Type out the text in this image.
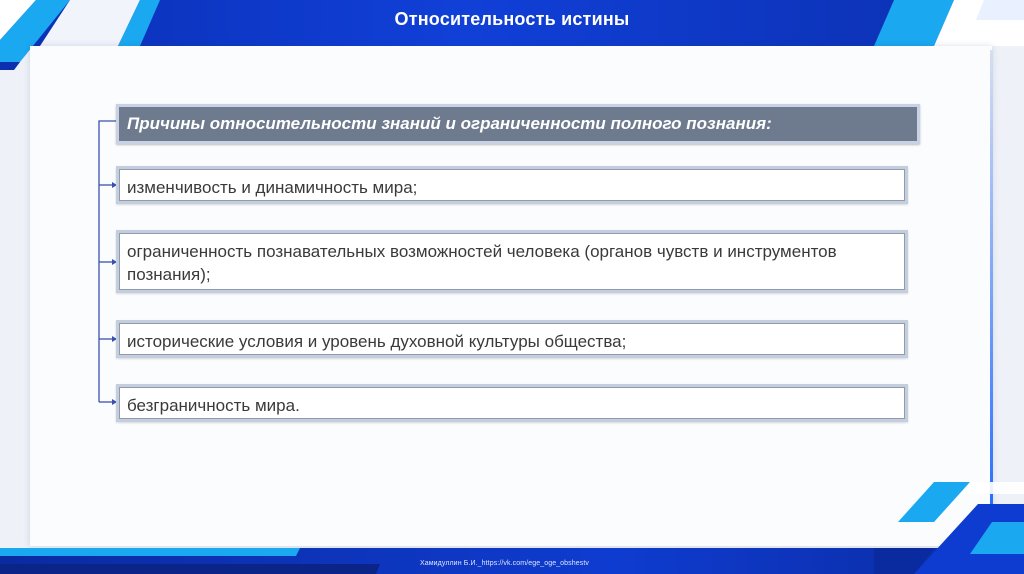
Относительность истины
Причины относительности знаний и ограниченности полного познания:
изменчивость и динамичность мира;
ограниченность познавательных возможностей человека (органов чувств и инструментов познания);
исторические условия и уровень духовной культуры общества;
безграничность мира.
Хамидуллин Б.И._https://vk.com/ege_oge_obshestv
